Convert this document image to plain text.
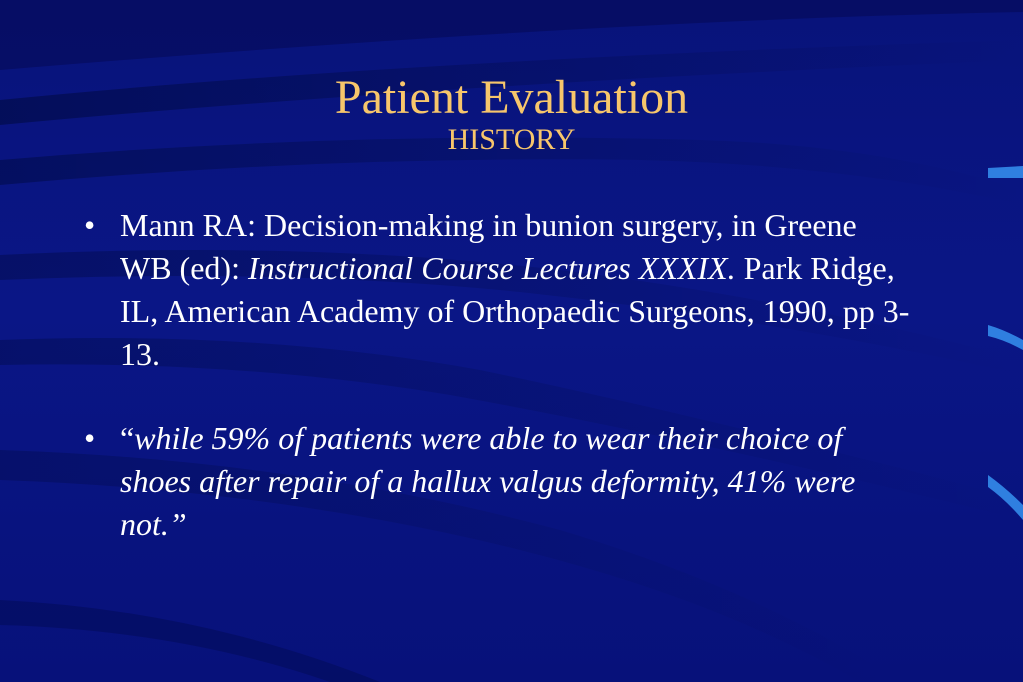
Patient Evaluation
HISTORY
• Mann RA: Decision-making in bunion surgery, in Greene WB (ed): Instructional Course Lectures XXXIX. Park Ridge, IL, American Academy of Orthopaedic Surgeons, 1990, pp 3-13.
• “while 59% of patients were able to wear their choice of shoes after repair of a hallux valgus deformity, 41% were not.”
